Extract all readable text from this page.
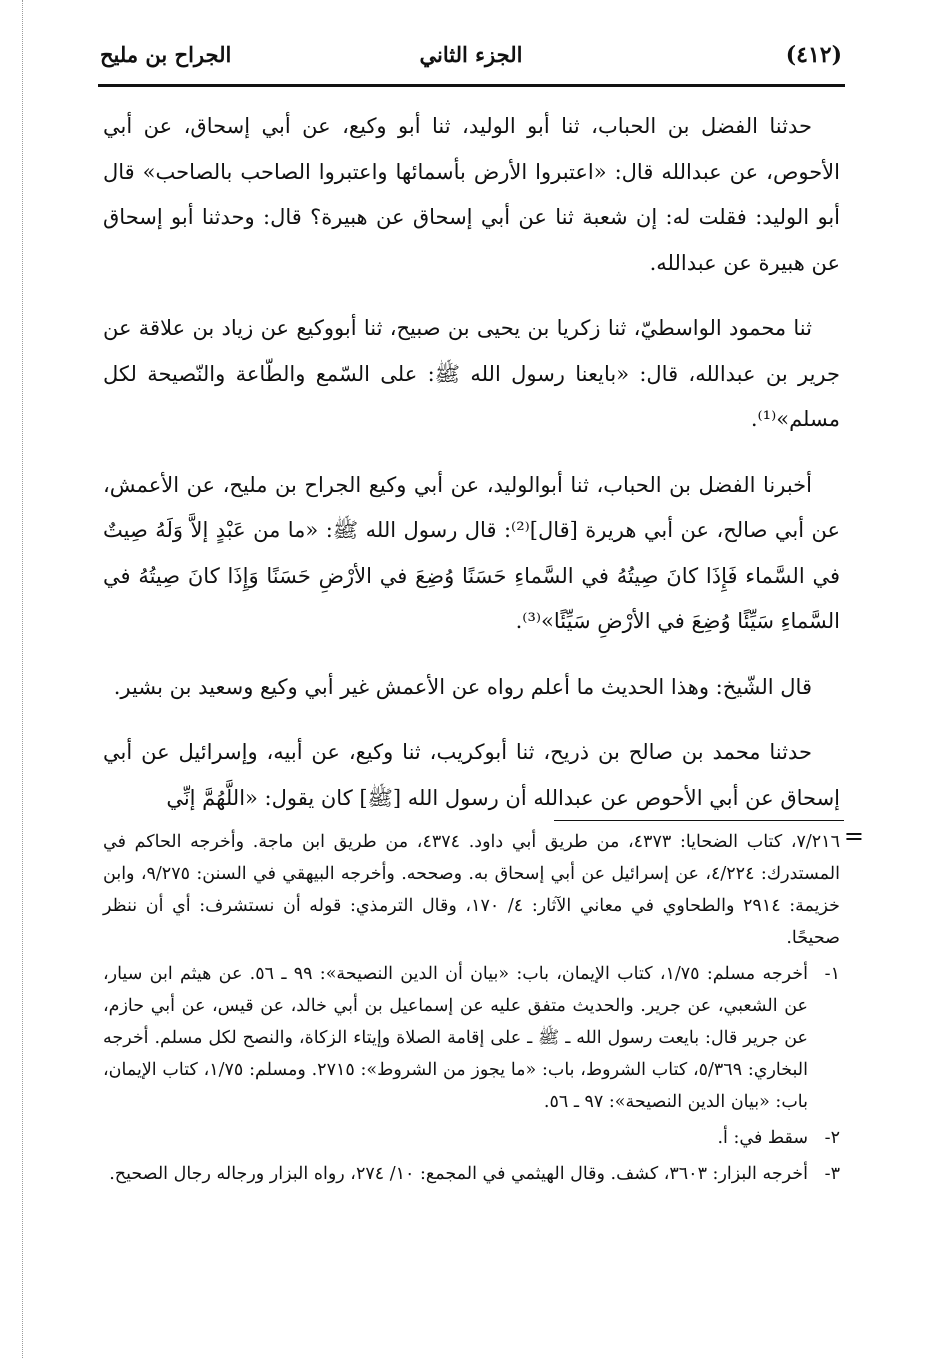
(٤١٢)
الجزء الثاني
الجراح بن مليح

حدثنا الفضل بن الحباب، ثنا أبو الوليد، ثنا أبو وكيع، عن أبي إسحاق، عن أبي الأحوص، عن عبدالله قال: «اعتبروا الأرض بأسمائها واعتبروا الصاحب بالصاحب» قال أبو الوليد: فقلت له: إن شعبة ثنا عن أبي إسحاق عن هبيرة؟ قال: وحدثنا أبو إسحاق عن هبيرة عن عبدالله.

ثنا محمود الواسطيّ، ثنا زكريا بن يحيى بن صبيح، ثنا أبووكيع عن زياد بن علاقة عن جرير بن عبدالله، قال: «بايعنا رسول الله ﷺ: على السّمع والطّاعة والنّصيحة لكل مسلم»⁽¹⁾.

أخبرنا الفضل بن الحباب، ثنا أبوالوليد، عن أبي وكيع الجراح بن مليح، عن الأعمش، عن أبي صالح، عن أبي هريرة [قال]⁽²⁾: قال رسول الله ﷺ: «ما من عَبْدٍ إلاَّ وَلَهُ صِيتٌ في السَّماء فَإِذَا كانَ صِيتُهُ في السَّماءِ حَسَنًا وُضِعَ في الأرْضِ حَسَنًا وَإِذَا كانَ صِيتُهُ في السَّماءِ سَيِّئًا وُضِعَ في الأرْضِ سَيِّئًا»⁽³⁾.

قال الشّيخ: وهذا الحديث ما أعلم رواه عن الأعمش غير أبي وكيع وسعيد بن بشير.

حدثنا محمد بن صالح بن ذريح، ثنا أبوكريب، ثنا وكيع، عن أبيه، وإسرائيل عن أبي إسحاق عن أبي الأحوص عن عبدالله أن رسول الله [ﷺ] كان يقول: «اللَّهُمَّ إنِّي

=
٧/٢١٦، كتاب الضحايا: ٤٣٧٣، من طريق أبي داود. ٤٣٧٤، من طريق ابن ماجة. وأخرجه الحاكم في المستدرك: ٤/٢٢٤، عن إسرائيل عن أبي إسحاق به. وصححه. وأخرجه البيهقي في السنن: ٩/٢٧٥، وابن خزيمة: ٢٩١٤ والطحاوي في معاني الآثار: ٤/ ١٧٠، وقال الترمذي: قوله أن نستشرف: أي أن ننظر صحيحًا.
١-
أخرجه مسلم: ١/٧٥، كتاب الإيمان، باب: «بيان أن الدين النصيحة»: ٩٩ ـ ٥٦. عن هيثم ابن سيار، عن الشعبي، عن جرير. والحديث متفق عليه عن إسماعيل بن أبي خالد، عن قيس، عن أبي حازم، عن جرير قال: بايعت رسول الله ـ ﷺ ـ على إقامة الصلاة وإيتاء الزكاة، والنصح لكل مسلم. أخرجه البخاري: ٥/٣٦٩، كتاب الشروط، باب: «ما يجوز من الشروط»: ٢٧١٥. ومسلم: ١/٧٥، كتاب الإيمان، باب: «بيان الدين النصيحة»: ٩٧ ـ ٥٦.
٢-
سقط في: أ.
٣-
أخرجه البزار: ٣٦٠٣، كشف. وقال الهيثمي في المجمع: ١٠/ ٢٧٤، رواه البزار ورجاله رجال الصحيح.
